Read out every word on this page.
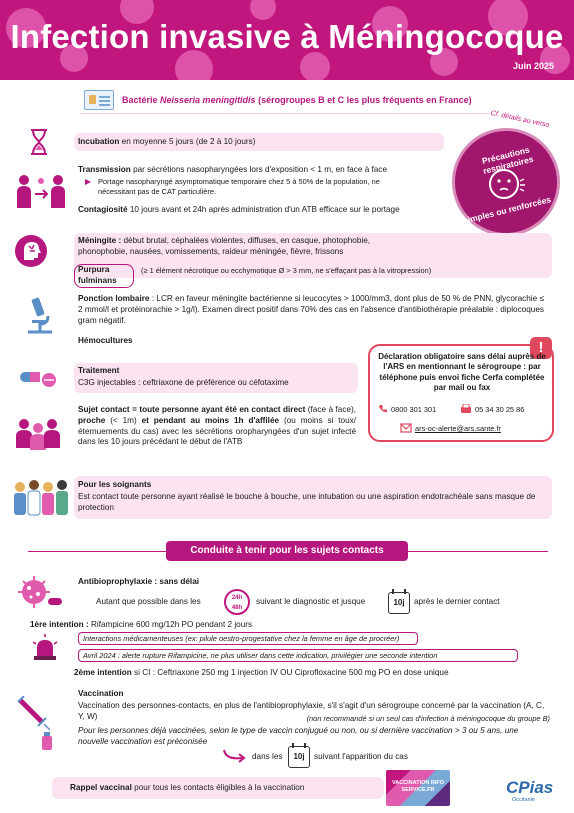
Infection invasive à Méningocoque
Juin 2025
Bactérie Neisseria meningitidis (sérogroupes B et C les plus fréquents en France)
Incubation en moyenne 5 jours (de 2 à 10 jours)
Transmission par sécrétions nasopharyngées lors d'exposition < 1 m, en face à face
Portage nasopharyngé asymptomatique temporaire chez 5 à 50% de la population, ne nécessitant pas de CAT particulière.
Contagiosité 10 jours avant et 24h après administration d'un ATB efficace sur le portage
Cf. détails au verso
Précautions respiratoires
simples ou renforcées
Méningite : début brutal, céphalées violentes, diffuses, en casque, photophobie, phonophobie, nausées, vomissements, raideur méningée, fièvre, frissons
Purpura fulminans
(≥ 1 élément nécrotique ou ecchymotique Ø > 3 mm, ne s'effaçant pas à la vitropression)
Ponction lombaire : LCR en faveur méningite bactérienne si leucocytes > 1000/mm3, dont plus de 50 % de PNN, glycorachie ≤ 2 mmol/l et protéinorachie > 1g/l). Examen direct positif dans 70% des cas en l'absence d'antibiothérapie préalable : diplocoques gram négatif.
Hémocultures
Traitement
C3G injectables : ceftriaxone de préférence ou céfotaxime
Sujet contact = toute personne ayant été en contact direct (face à face), proche (< 1m) et pendant au moins 1h d'affilée (ou moins si toux/éternuements du cas) avec les sécrétions oropharyngées d'un sujet infecté dans les 10 jours précédant le début de l'ATB
!
Déclaration obligatoire sans délai auprès de l'ARS en mentionnant le sérogroupe : par téléphone puis envoi fiche Cerfa complétée par mail ou fax
0800 301 301	05 34 30 25 86
ars-oc-alerte@ars.sante.fr
Pour les soignants
Est contact toute personne ayant réalisé le bouche à bouche, une intubation ou une aspiration endotrachéale sans masque de protection
Conduite à tenir pour les sujets contacts
Antibioprophylaxie : sans délai
Autant que possible dans les	24h
48h
suivant le diagnostic et jusque	10j	après le dernier contact
1ère intention : Rifampicine 600 mg/12h PO pendant 2 jours
Interactions médicamenteuses (ex: pilule oestro-progestative chez la femme en âge de procréer)
Avril 2024 : alerte rupture Rifampicine, ne plus utiliser dans cette indication, privilégier une seconde intention
2ème intention si CI : Ceftriaxone 250 mg 1 injection IV OU Ciprofloxacine 500 mg PO en dose unique
Vaccination
Vaccination des personnes-contacts, en plus de l'antibioprophylaxie, s'il s'agit d'un sérogroupe concerné par la vaccination (A, C, Y, W)	(non recommandé si un seul cas d'infection à méningocoque du groupe B)
Pour les personnes déjà vaccinées, selon le type de vaccin conjugué ou non, ou si dernière vaccination > 3 ou 5 ans, une nouvelle vaccination est préconisée
dans les	10j	suivant l'apparition du cas
Rappel vaccinal pour tous les contacts éligibles à la vaccination	VACCINATION INFO SERVICE.FR	CPias
Occitanie
